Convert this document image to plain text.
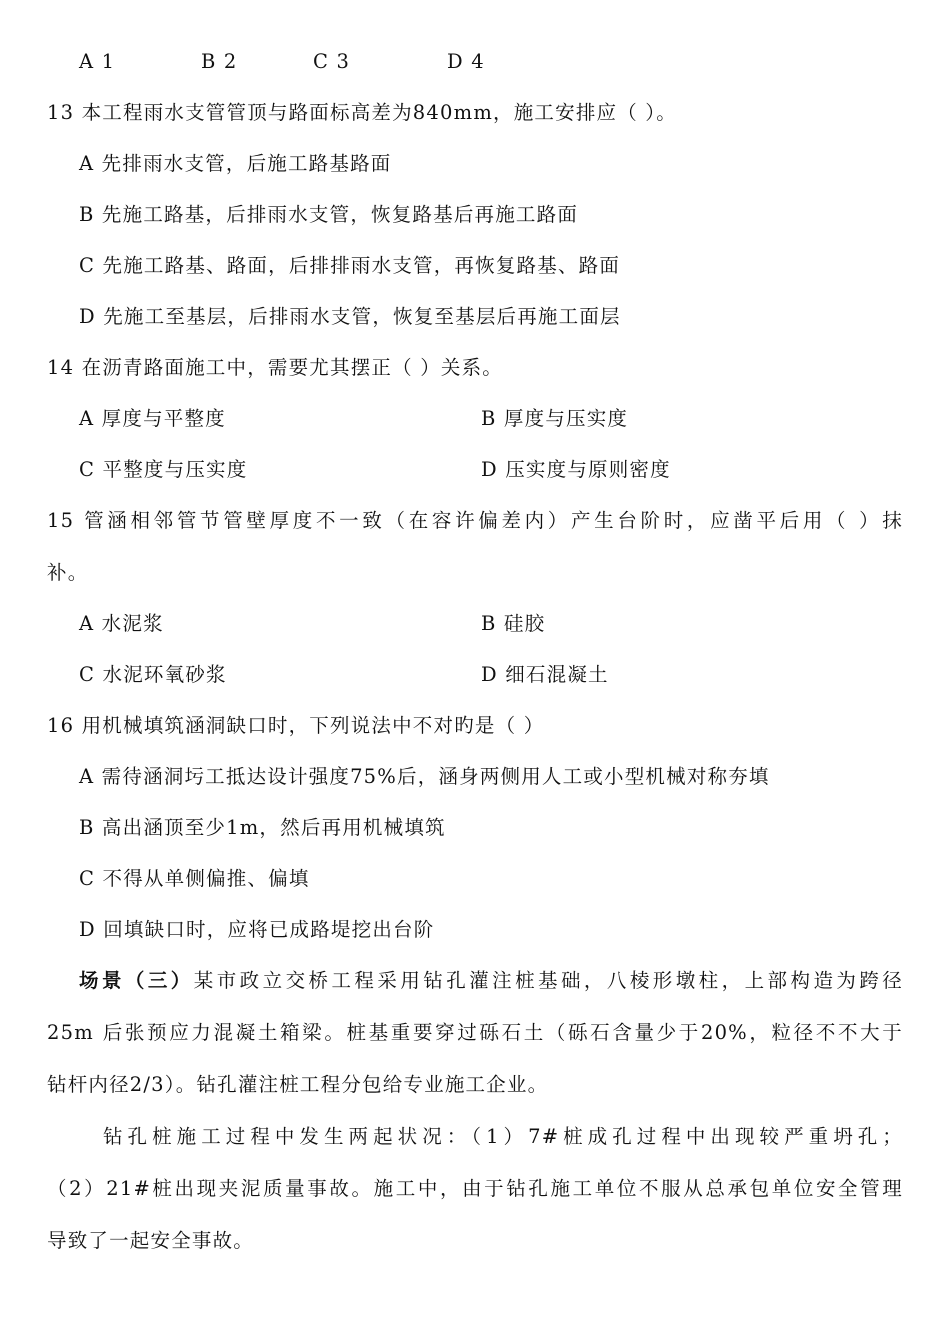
A 1	B 2	C 3	D 4
13 本工程雨水支管管顶与路面标高差为840mm，施工安排应（ ）。
A 先排雨水支管，后施工路基路面
B 先施工路基，后排雨水支管，恢复路基后再施工路面
C 先施工路基、路面，后排排雨水支管，再恢复路基、路面
D 先施工至基层，后排雨水支管，恢复至基层后再施工面层
14 在沥青路面施工中，需要尤其摆正（ ）关系。
A 厚度与平整度	B 厚度与压实度
C 平整度与压实度	D 压实度与原则密度
15 管涵相邻管节管壁厚度不一致（在容许偏差内）产生台阶时，应凿平后用（ ）抹
补。
A 水泥浆	B 硅胶
C 水泥环氧砂浆	D 细石混凝土
16 用机械填筑涵洞缺口时，下列说法中不对旳是（ ）
A 需待涵洞圬工抵达设计强度75%后，涵身两侧用人工或小型机械对称夯填
B 高出涵顶至少1m，然后再用机械填筑
C 不得从单侧偏推、偏填
D 回填缺口时，应将已成路堤挖出台阶
场景（三）某市政立交桥工程采用钻孔灌注桩基础，八棱形墩柱，上部构造为跨径
25m 后张预应力混凝土箱梁。桩基重要穿过砾石土（砾石含量少于20%，粒径不不大于
钻杆内径2/3）。钻孔灌注桩工程分包给专业施工企业。
钻孔桩施工过程中发生两起状况：（1）7#桩成孔过程中出现较严重坍孔；
（2）21#桩出现夹泥质量事故。施工中，由于钻孔施工单位不服从总承包单位安全管理
导致了一起安全事故。
